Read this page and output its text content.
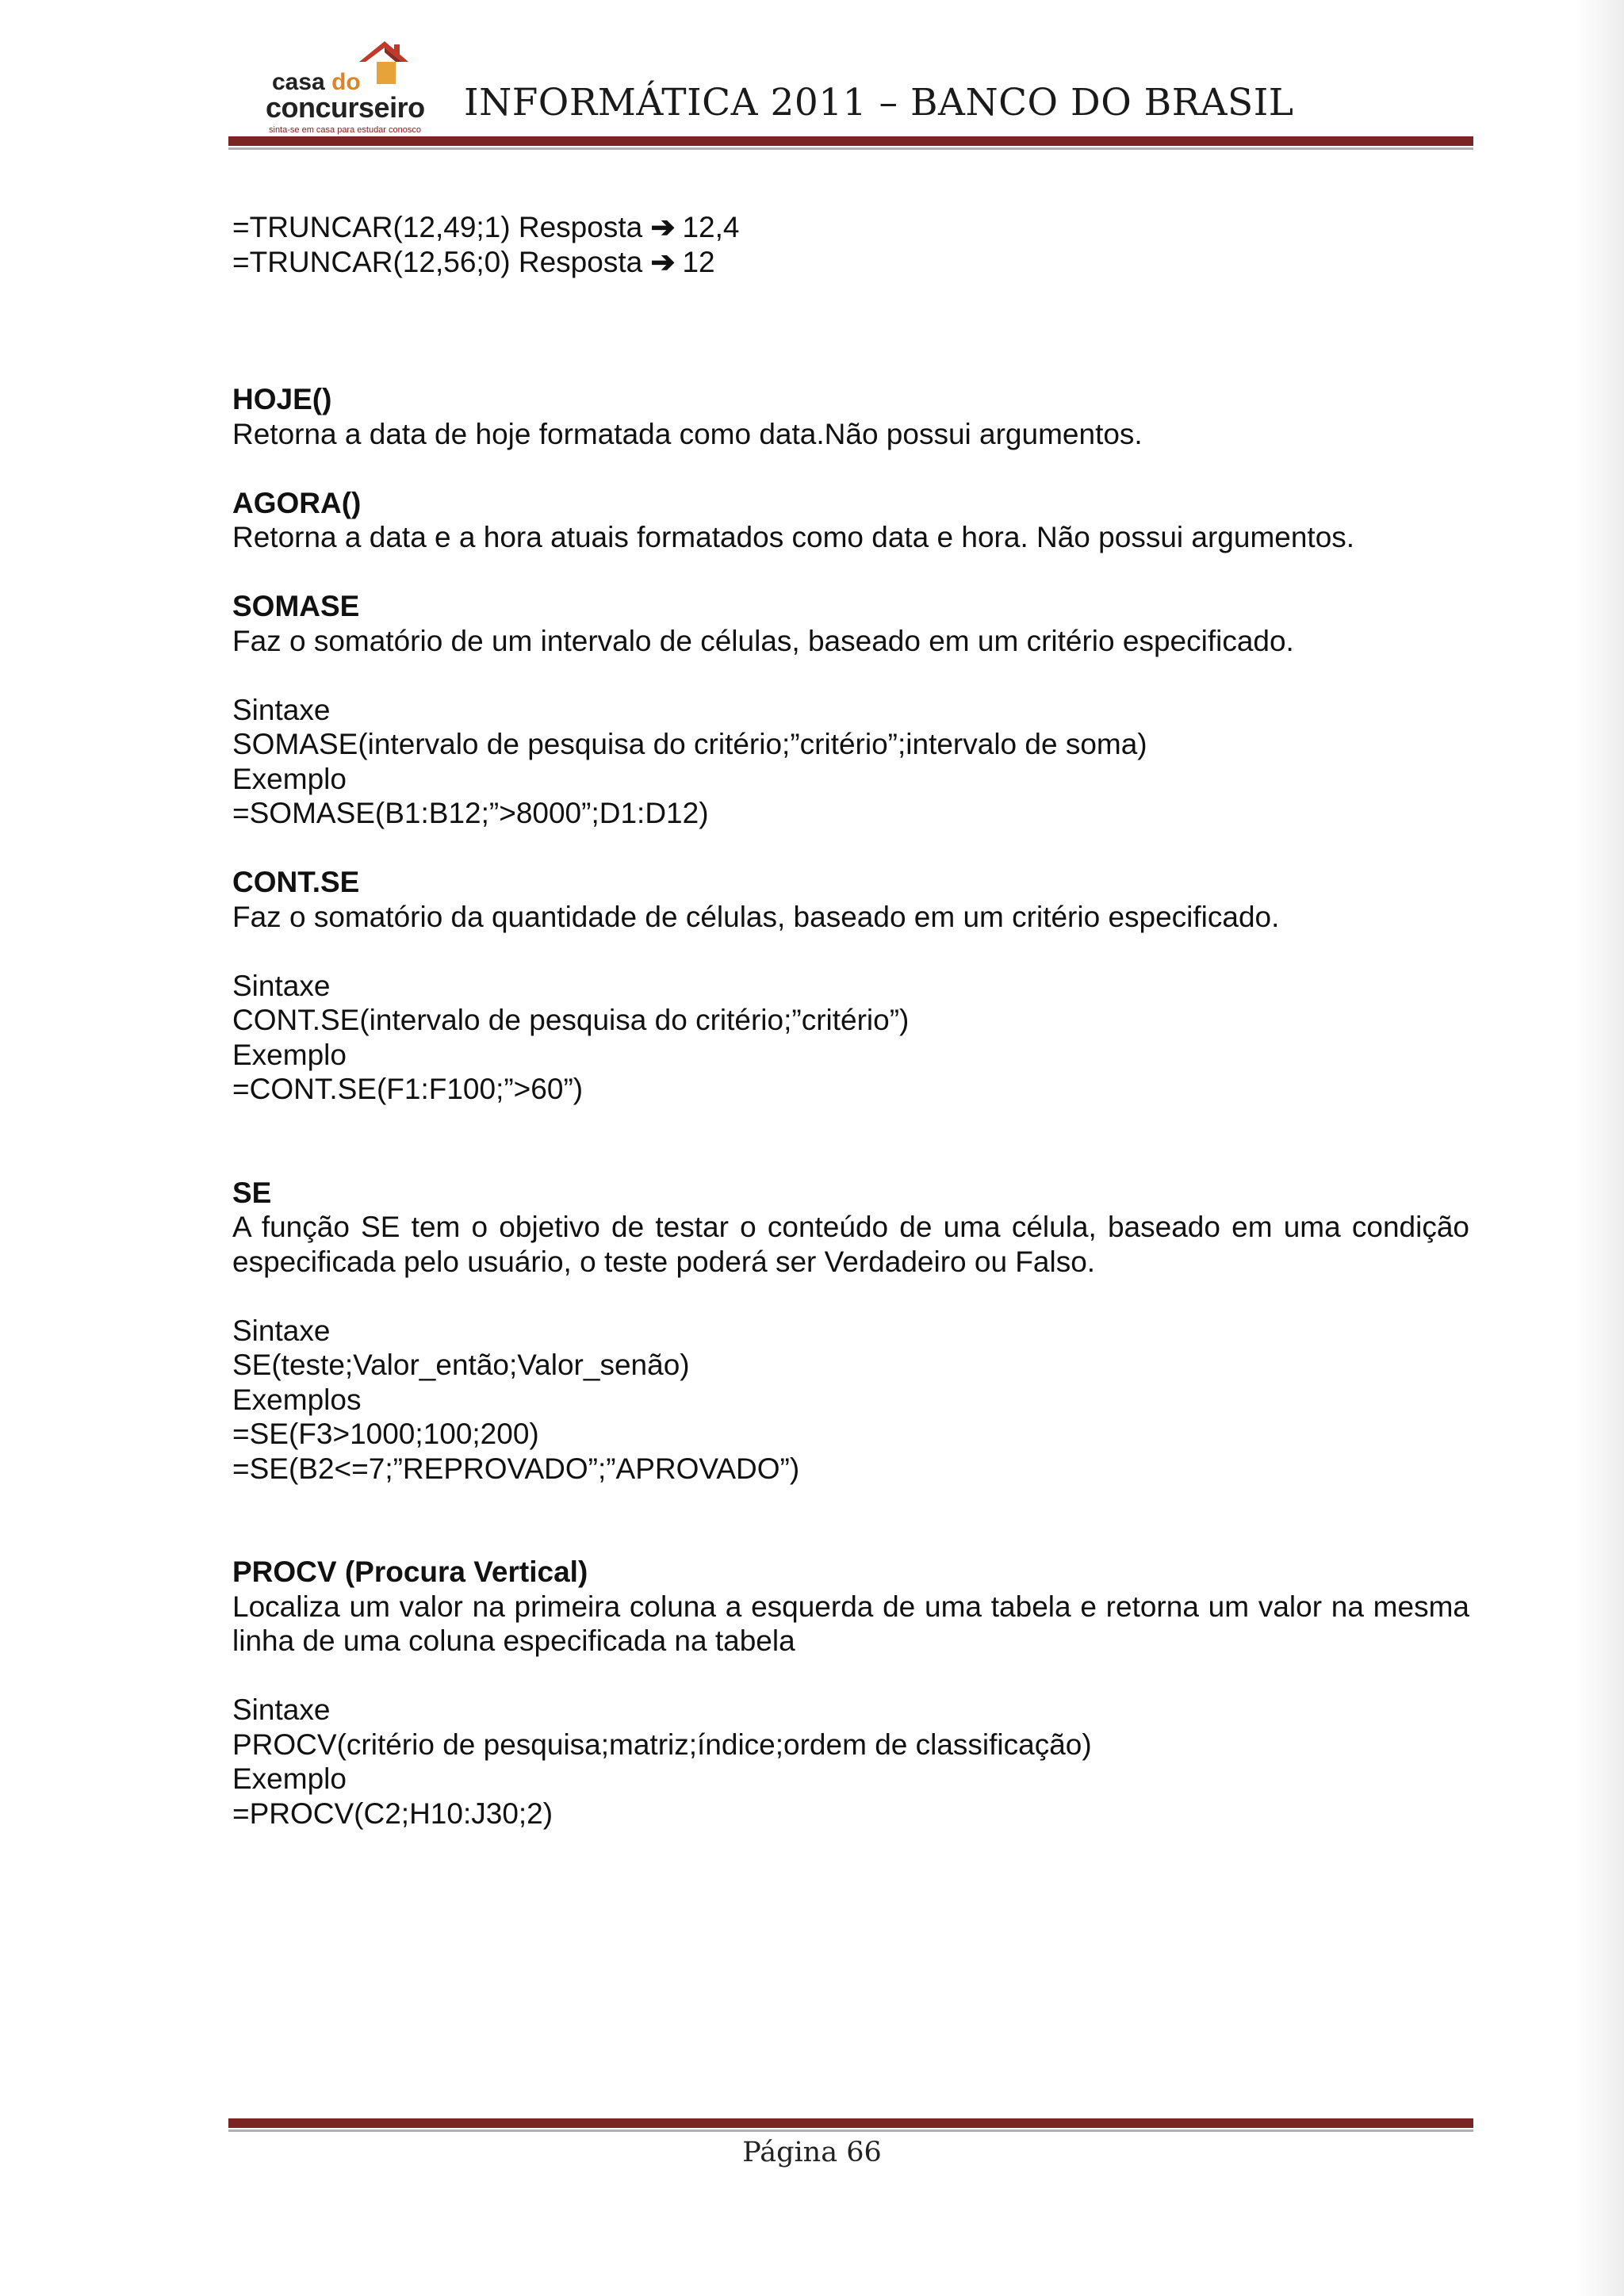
casa do
concurseiro
sinta-se em casa para estudar conosco
INFORMÁTICA 2011 – BANCO DO BRASIL

=TRUNCAR(12,49;1) Resposta ➔ 12,4

=TRUNCAR(12,56;0) Resposta ➔ 12

HOJE()

Retorna a data de hoje formatada como data.Não possui argumentos.

AGORA()

Retorna a data e a hora atuais formatados como data e hora. Não possui argumentos.

SOMASE

Faz o somatório de um intervalo de células, baseado em um critério especificado.

Sintaxe

SOMASE(intervalo de pesquisa do critério;”critério”;intervalo de soma)

Exemplo

=SOMASE(B1:B12;”>8000”;D1:D12)

CONT.SE

Faz o somatório da quantidade de células, baseado em um critério especificado.

Sintaxe

CONT.SE(intervalo de pesquisa do critério;”critério”)

Exemplo

=CONT.SE(F1:F100;”>60”)

SE

A função SE tem o objetivo de testar o conteúdo de uma célula, baseado em uma condição especificada pelo usuário, o teste poderá ser Verdadeiro ou Falso.

Sintaxe

SE(teste;Valor_então;Valor_senão)

Exemplos

=SE(F3>1000;100;200)

=SE(B2<=7;”REPROVADO”;”APROVADO”)

PROCV (Procura Vertical)

Localiza um valor na primeira coluna a esquerda de uma tabela e retorna um valor na mesma linha de uma coluna especificada na tabela

Sintaxe

PROCV(critério de pesquisa;matriz;índice;ordem de classificação)

Exemplo

=PROCV(C2;H10:J30;2)

Página 66
